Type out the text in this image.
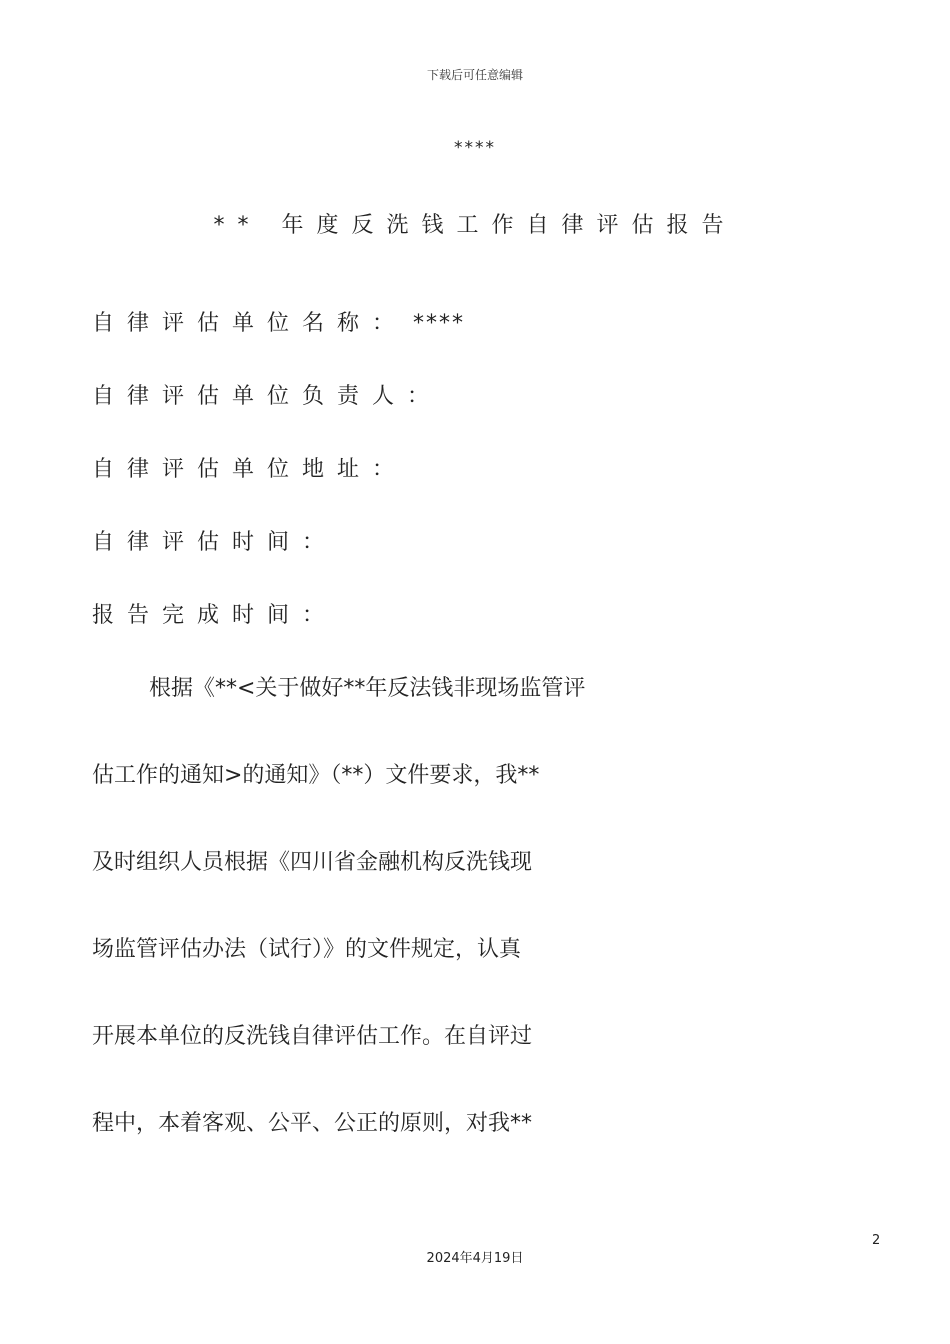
下载后可任意编辑
****
** 年度反洗钱工作自律评估报告
自律评估单位名称： ****
自律评估单位负责人：
自律评估单位地址：
自律评估时间：
报告完成时间：
根据《**<关于做好**年反法钱非现场监管评
估工作的通知>的通知》（**）文件要求，我**
及时组织人员根据《四川省金融机构反洗钱现
场监管评估办法（试行）》的文件规定，认真
开展本单位的反洗钱自律评估工作。在自评过
程中，本着客观、公平、公正的原则，对我**
2
2024年4月19日
